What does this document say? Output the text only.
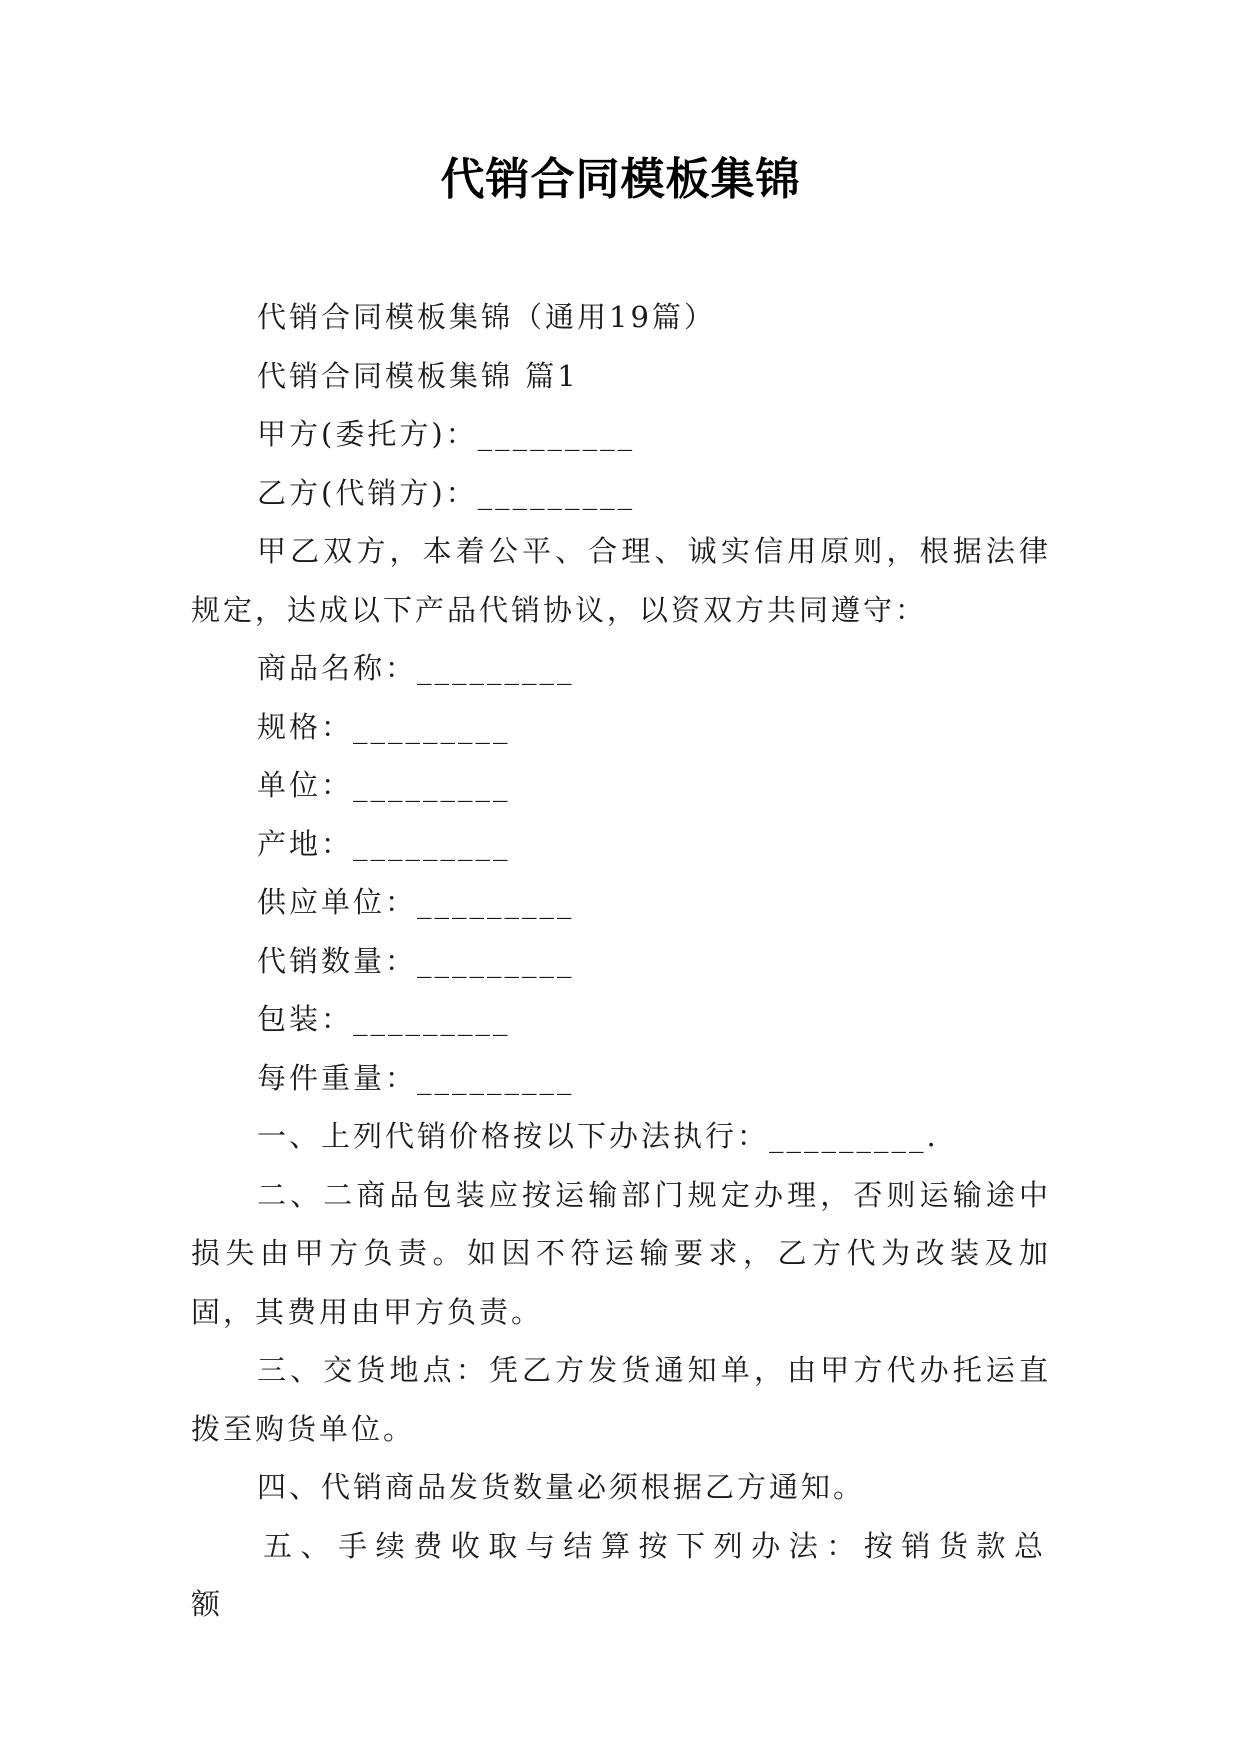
代销合同模板集锦

代销合同模板集锦（通用19篇）

代销合同模板集锦 篇1

甲方(委托方)：_________

乙方(代销方)：_________

甲乙双方，本着公平、合理、诚实信用原则，根据法律规定，达成以下产品代销协议，以资双方共同遵守：

商品名称：_________

规格：_________

单位：_________

产地：_________

供应单位：_________

代销数量：_________

包装：_________

每件重量：_________

一、上列代销价格按以下办法执行：_________.

二、二商品包装应按运输部门规定办理，否则运输途中损失由甲方负责。如因不符运输要求，乙方代为改装及加固，其费用由甲方负责。

三、交货地点：凭乙方发货通知单，由甲方代办托运直拨至购货单位。

四、代销商品发货数量必须根据乙方通知。

五、手续费收取与结算按下列办法：按销货款总额
